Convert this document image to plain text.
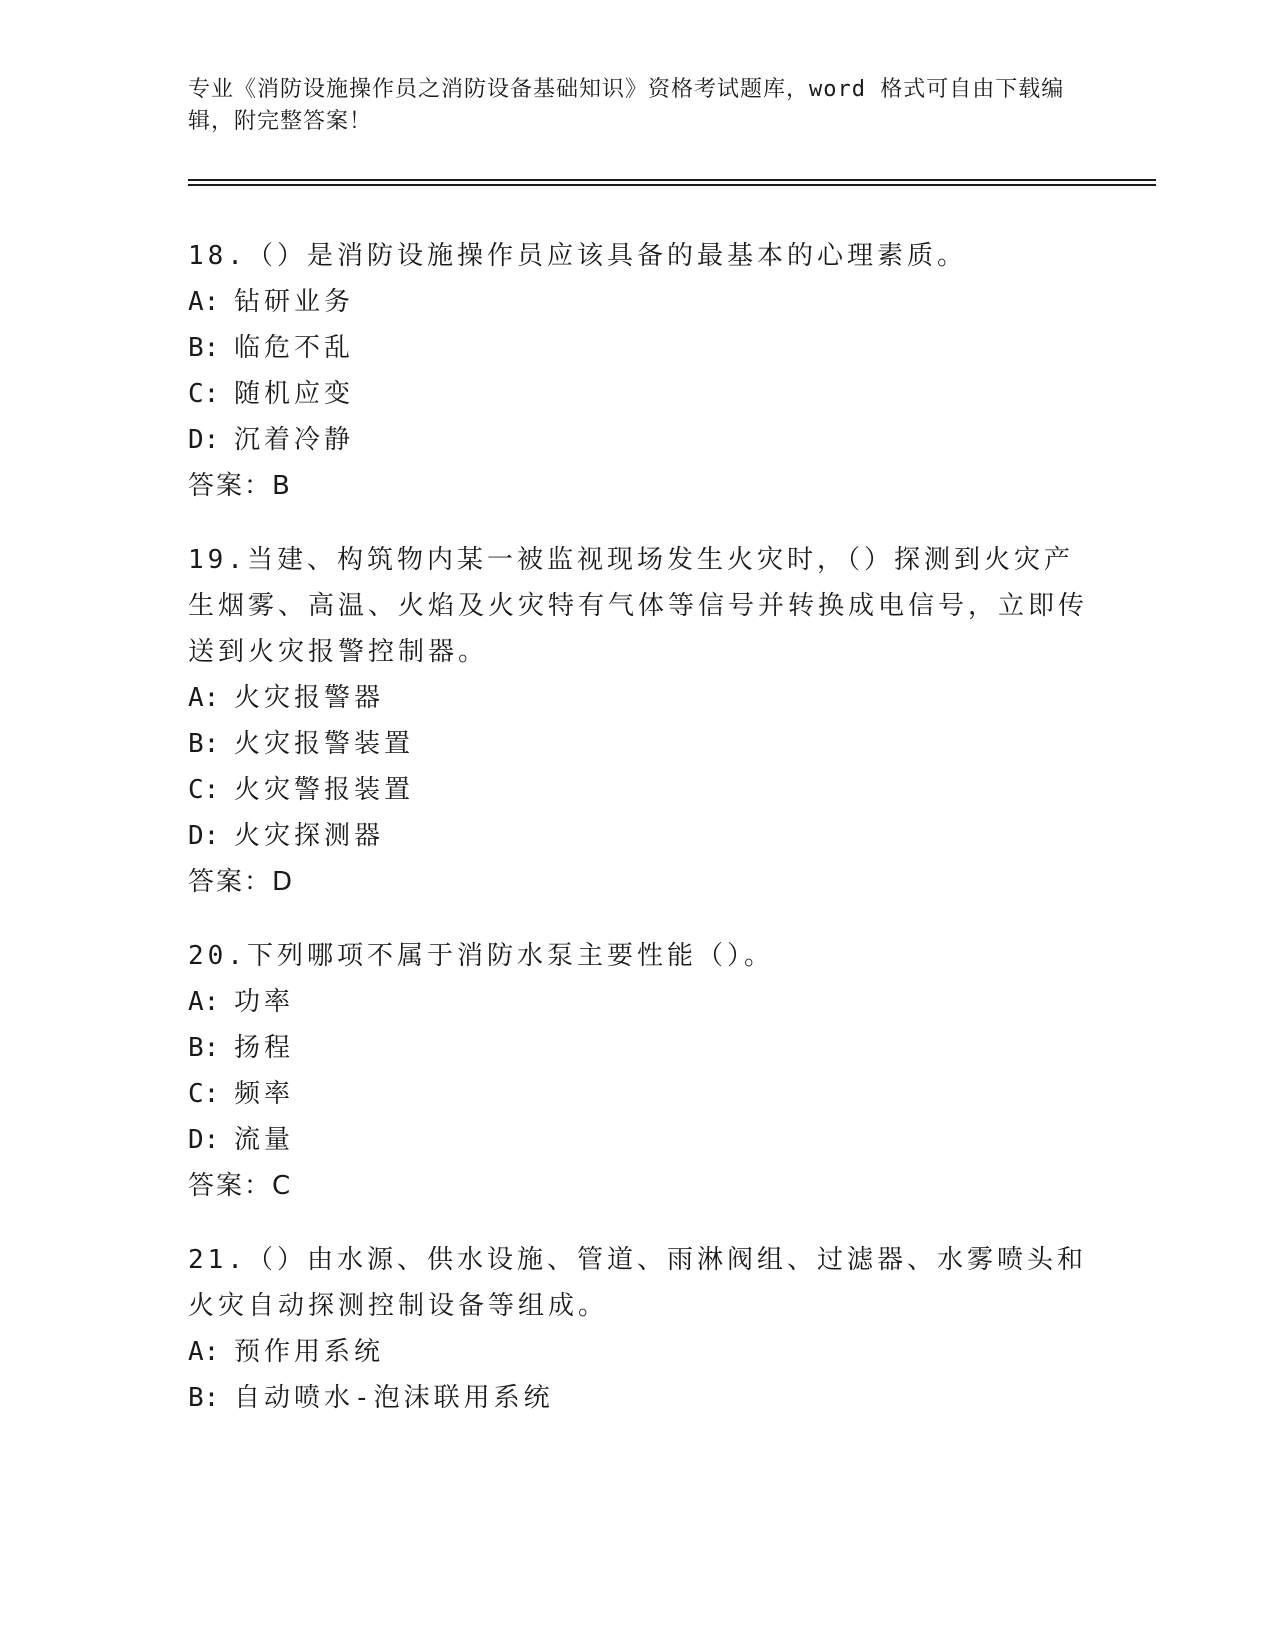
专业《消防设施操作员之消防设备基础知识》资格考试题库，word 格式可自由下载编辑，附完整答案！

18.（）是消防设施操作员应该具备的最基本的心理素质。

A: 钻研业务

B: 临危不乱

C: 随机应变

D: 沉着冷静

答案：B

19.当建、构筑物内某一被监视现场发生火灾时，（）探测到火灾产生烟雾、高温、火焰及火灾特有气体等信号并转换成电信号，立即传送到火灾报警控制器。

A: 火灾报警器

B: 火灾报警装置

C: 火灾警报装置

D: 火灾探测器

答案：D

20.下列哪项不属于消防水泵主要性能（）。

A: 功率

B: 扬程

C: 频率

D: 流量

答案：C

21.（）由水源、供水设施、管道、雨淋阀组、过滤器、水雾喷头和火灾自动探测控制设备等组成。

A: 预作用系统

B: 自动喷水-泡沫联用系统
